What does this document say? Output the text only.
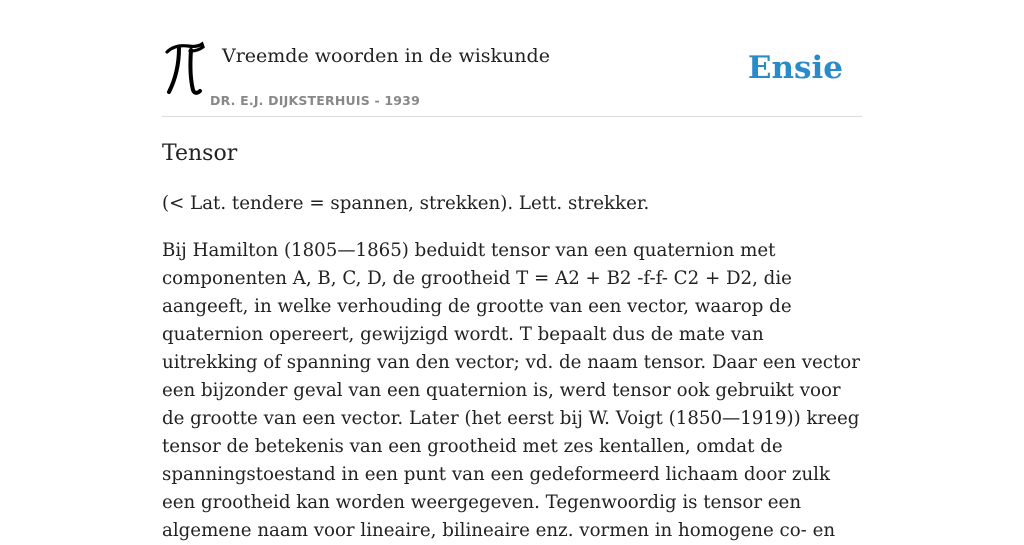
Vreemde woorden in de wiskunde
DR. E.J. DIJKSTERHUIS - 1939
Ensie
Tensor

(< Lat. tendere = spannen, strekken). Lett. strekker.

Bij Hamilton (1805—1865) beduidt tensor van een quaternion met componenten A, B, C, D, de grootheid T = A2 + B2 -f-f- C2 + D2, die aangeeft, in welke verhouding de grootte van een vector, waarop de quaternion opereert, gewijzigd wordt. T bepaalt dus de mate van uitrekking of spanning van den vector; vd. de naam tensor. Daar een vector een bijzonder geval van een quaternion is, werd tensor ook gebruikt voor de grootte van een vector. Later (het eerst bij W. Voigt (1850—1919)) kreeg tensor de betekenis van een grootheid met zes kentallen, omdat de spanningstoestand in een punt van een gedeformeerd lichaam door zulk een grootheid kan worden weergegeven. Tegenwoordig is tensor een algemene naam voor lineaire, bilineaire enz. vormen in homogene co- en
